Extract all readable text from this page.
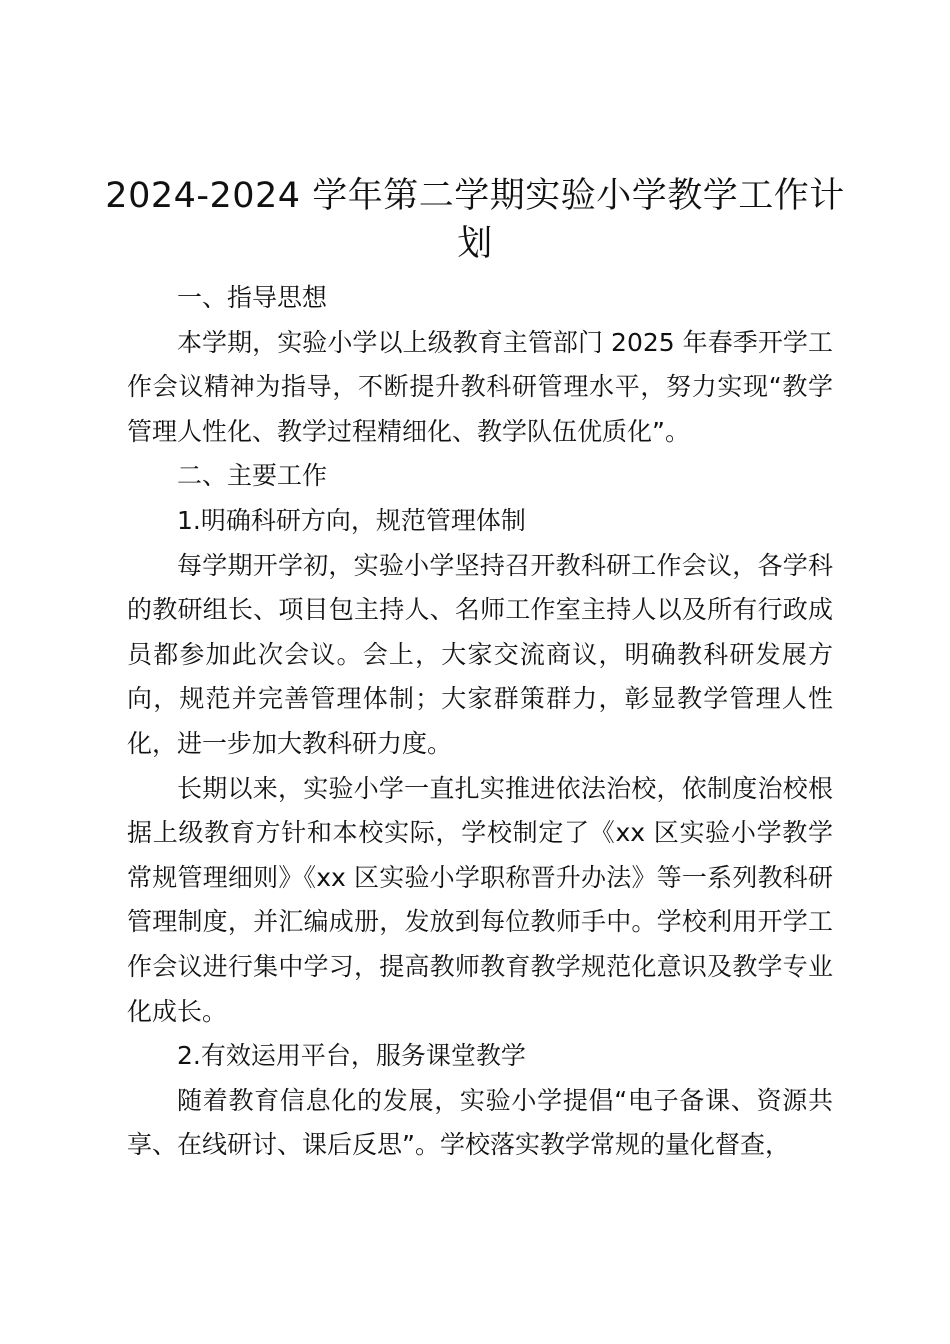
2024-2024 学年第二学期实验小学教学工作计划

一、指导思想

本学期，实验小学以上级教育主管部门 2025 年春季开学工作会议精神为指导，不断提升教科研管理水平，努力实现“教学管理人性化、教学过程精细化、教学队伍优质化”。

二、主要工作

1.明确科研方向，规范管理体制

每学期开学初，实验小学坚持召开教科研工作会议，各学科的教研组长、项目包主持人、名师工作室主持人以及所有行政成员都参加此次会议。会上，大家交流商议，明确教科研发展方向，规范并完善管理体制；大家群策群力，彰显教学管理人性化，进一步加大教科研力度。

长期以来，实验小学一直扎实推进依法治校，依制度治校根据上级教育方针和本校实际，学校制定了《xx 区实验小学教学常规管理细则》《xx 区实验小学职称晋升办法》等一系列教科研管理制度，并汇编成册，发放到每位教师手中。学校利用开学工作会议进行集中学习，提高教师教育教学规范化意识及教学专业化成长。

2.有效运用平台，服务课堂教学

随着教育信息化的发展，实验小学提倡“电子备课、资源共享、在线研讨、课后反思”。学校落实教学常规的量化督查，
